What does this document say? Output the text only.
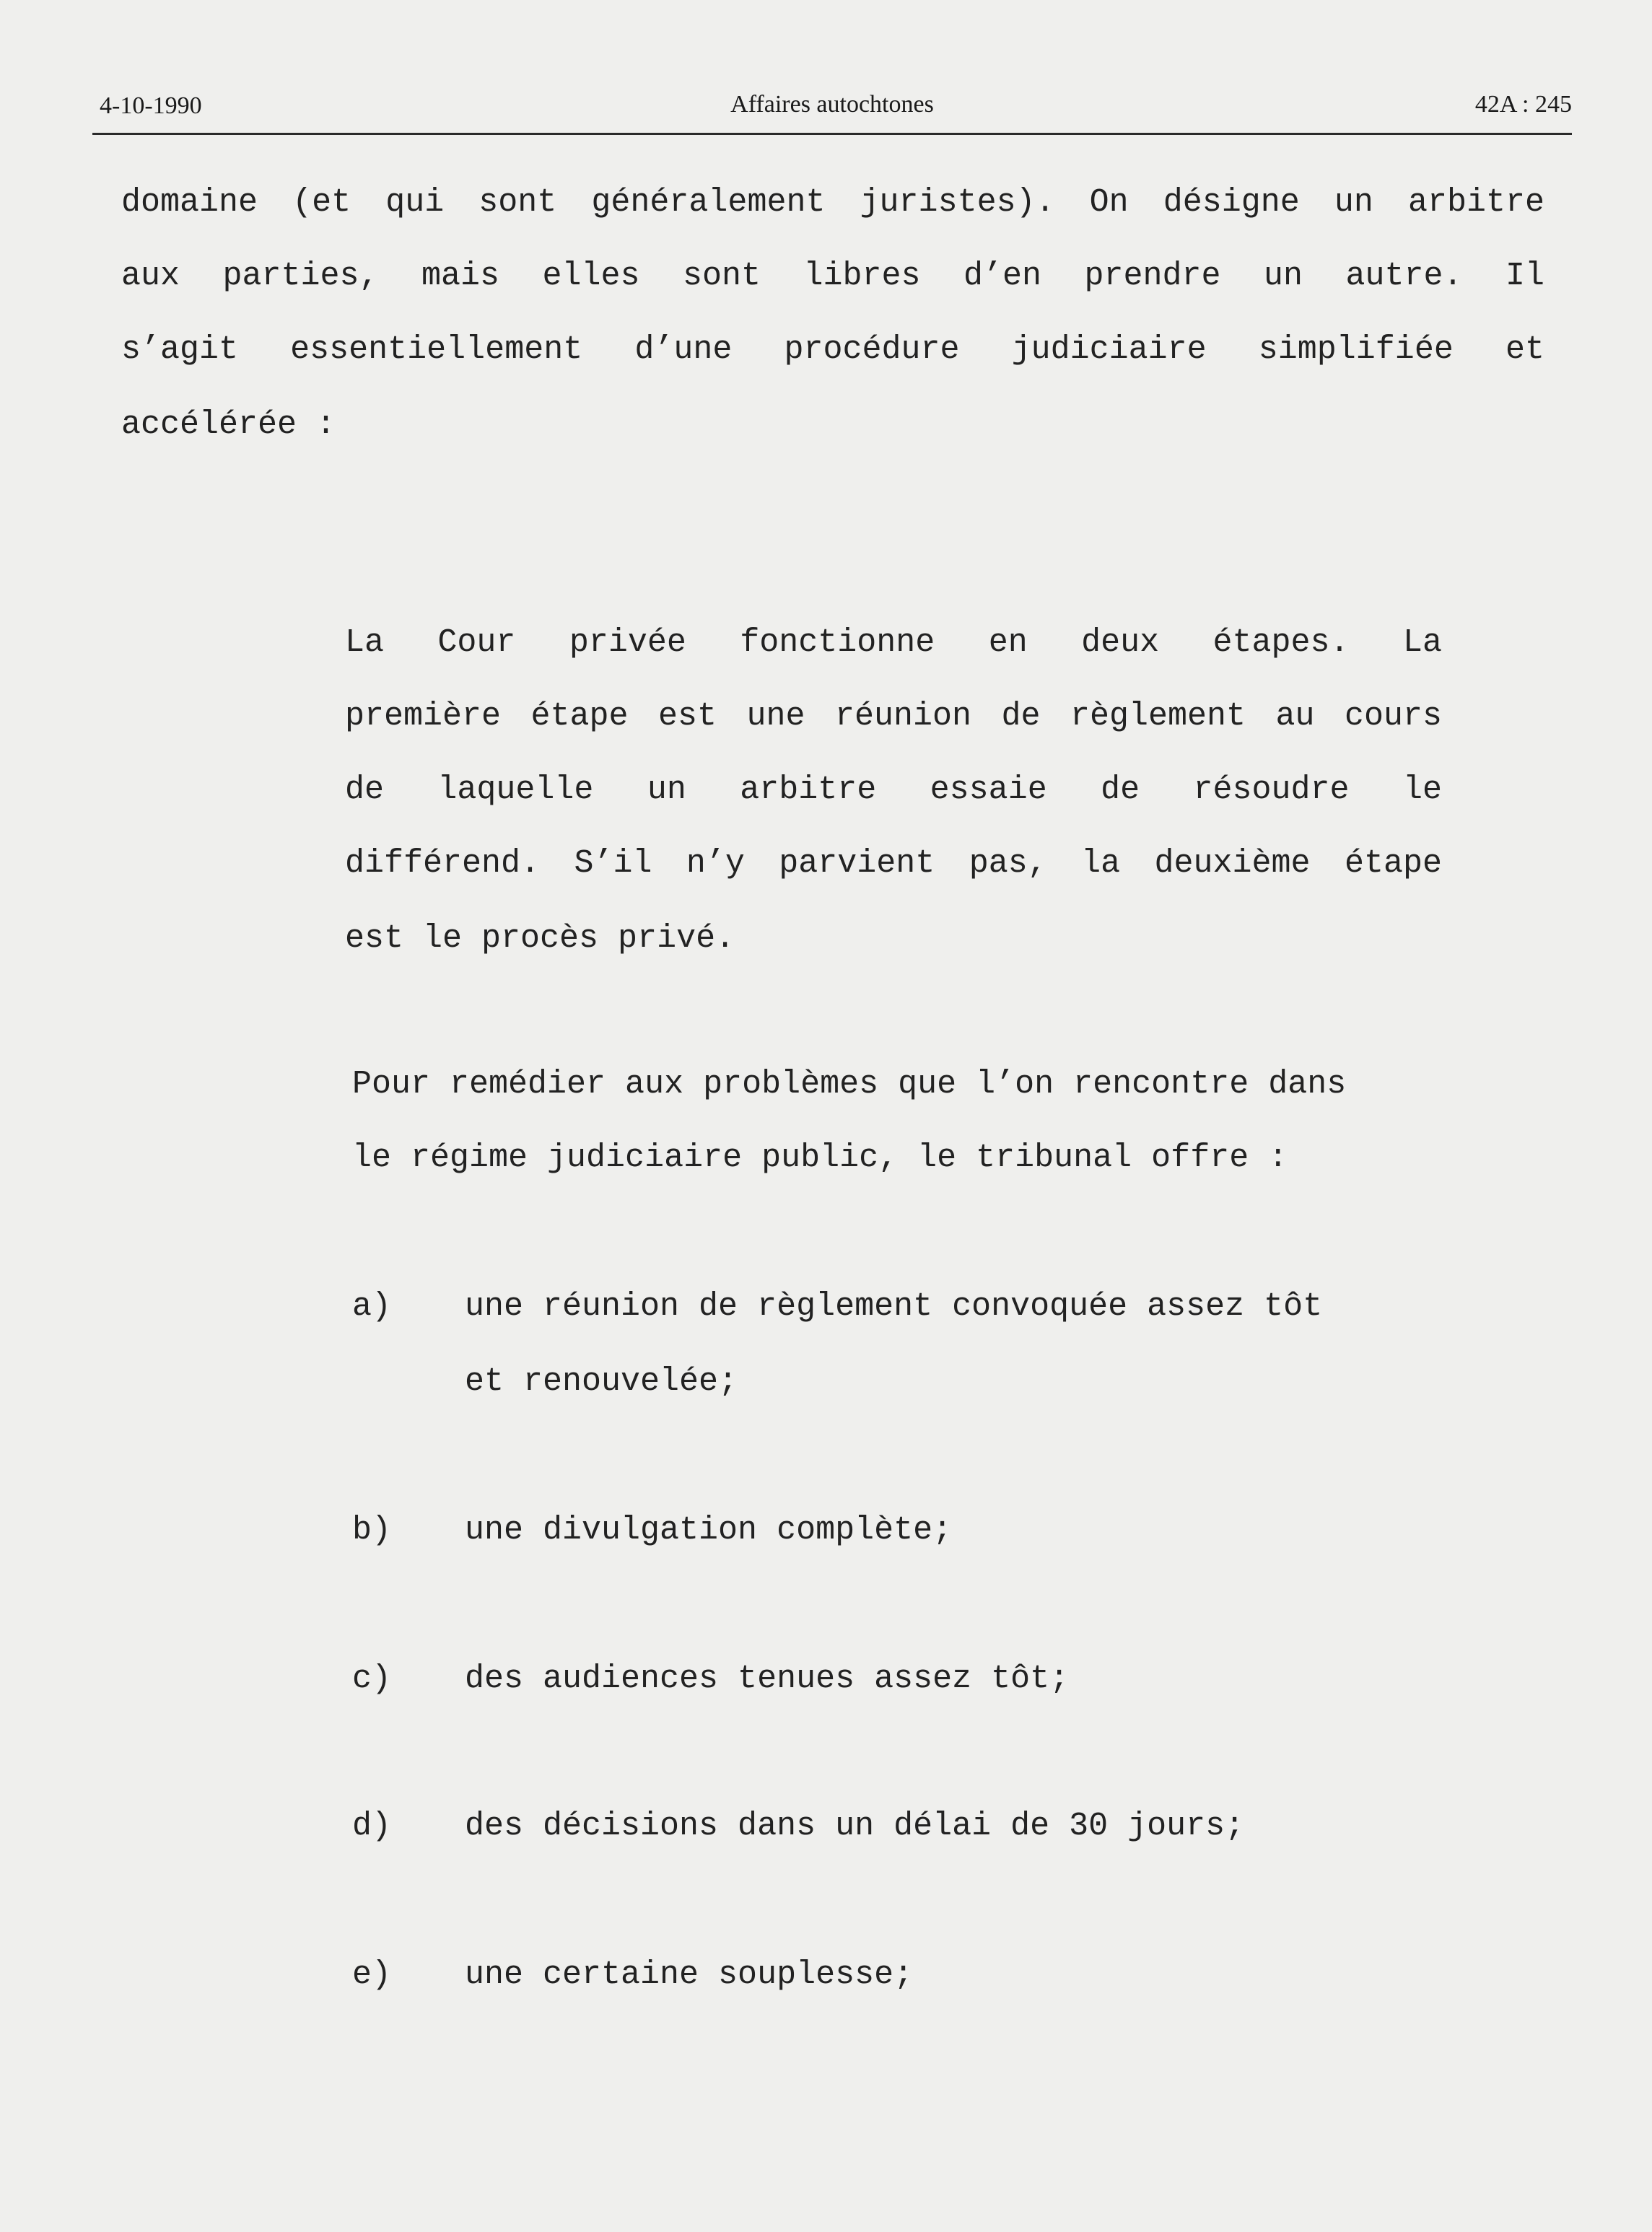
4-10-1990	Affaires autochtones	42A : 245
domaine (et qui sont généralement juristes). On désigne un arbitre
aux parties, mais elles sont libres d’en prendre un autre. Il
s’agit essentiellement d’une procédure judiciaire simplifiée et
accélérée :
La Cour privée fonctionne en deux étapes. La
première étape est une réunion de règlement au cours
de laquelle un arbitre essaie de résoudre le
différend. S’il n’y parvient pas, la deuxième étape
est le procès privé.
Pour remédier aux problèmes que l’on rencontre dans
le régime judiciaire public, le tribunal offre :
a) une réunion de règlement convoquée assez tôt
et renouvelée;
b) une divulgation complète;
c) des audiences tenues assez tôt;
d) des décisions dans un délai de 30 jours;
e) une certaine souplesse;
